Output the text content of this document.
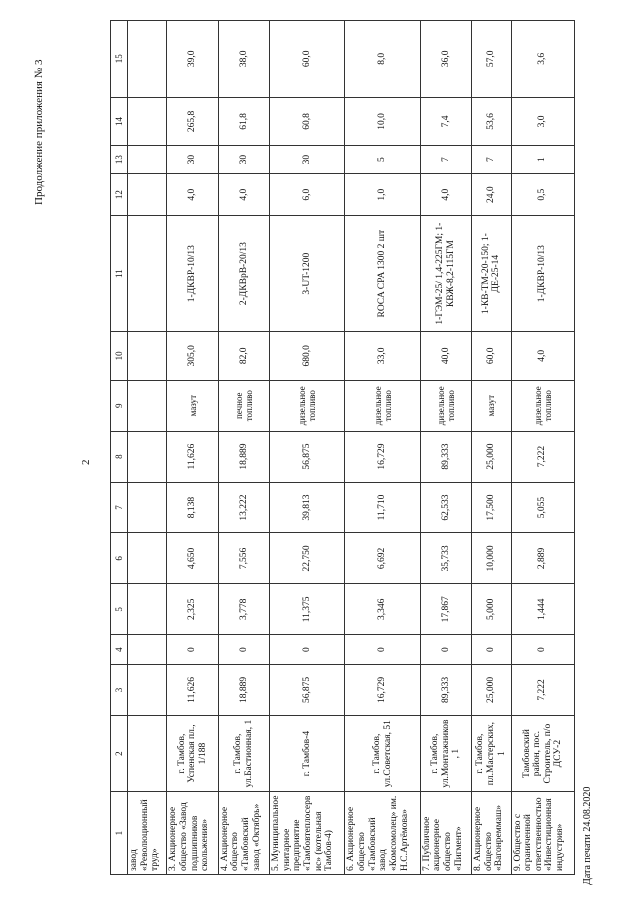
2
Продолжение приложения № 3
1	2	3	4	5	6	7	8	9	10	11	12	13	14	15
завод «Революционный труд»														
3. Акционерное общество «Завод подшипников скольжения»	г. Тамбов, Успенская пл., 1/188	11,626	0	2,325	4,650	8,138	11,626	мазут	305,0	1-ДКВР-10/13	4,0	30	265,8	39,0
4. Акционерное общество «Тамбовский завод «Октябрь»	г. Тамбов, ул.Бастионная, 1	18,889	0	3,778	7,556	13,222	18,889	печное топливо	82,0	2-ДКВрВ-20/13	4,0	30	61,8	38,0
5. Муниципальное унитарное предприятие «Тамбовтеплосервис» (котельная Тамбов-4)	г. Тамбов-4	56,875	0	11,375	22,750	39,813	56,875	дизельное топливо	680,0	3-UT-1200	6,0	30	60,8	60,0
6. Акционерное общество «Тамбовский завод «Комсомолец» им. Н.С.Артёмова»	г. Тамбов, ул.Советская, 51	16,729	0	3,346	6,692	11,710	16,729	дизельное топливо	33,0	ROCA CPA 1300 2 шт	1,0	5	10,0	8,0
7. Публичное акционерное общество «Пигмент»	г. Тамбов, ул.Монтажников, 1	89,333	0	17,867	35,733	62,533	89,333	дизельное топливо	40,0	1-ГЭМ-25/ 1,4-225ГМ; 1-КВЖ-8,2-115ГМ	4,0	7	7,4	36,0
8. Акционерное общество «Вагонреммаш»	г. Тамбов, пл.Мастерских, 1	25,000	0	5,000	10,000	17,500	25,000	мазут	60,0	1-КВ-ТМ-20-150; 1-ДЕ-25-14	24,0	7	53,6	57,0
9. Общество с ограниченной ответственностью «Инвестиционная индустрия»	Тамбовский район, пос. Строитель, п/о ДСУ-2	7,222	0	1,444	2,889	5,055	7,222	дизельное топливо	4,0	1-ДКВР-10/13	0,5	1	3,0	3,6
Дата печати 24.08.2020
